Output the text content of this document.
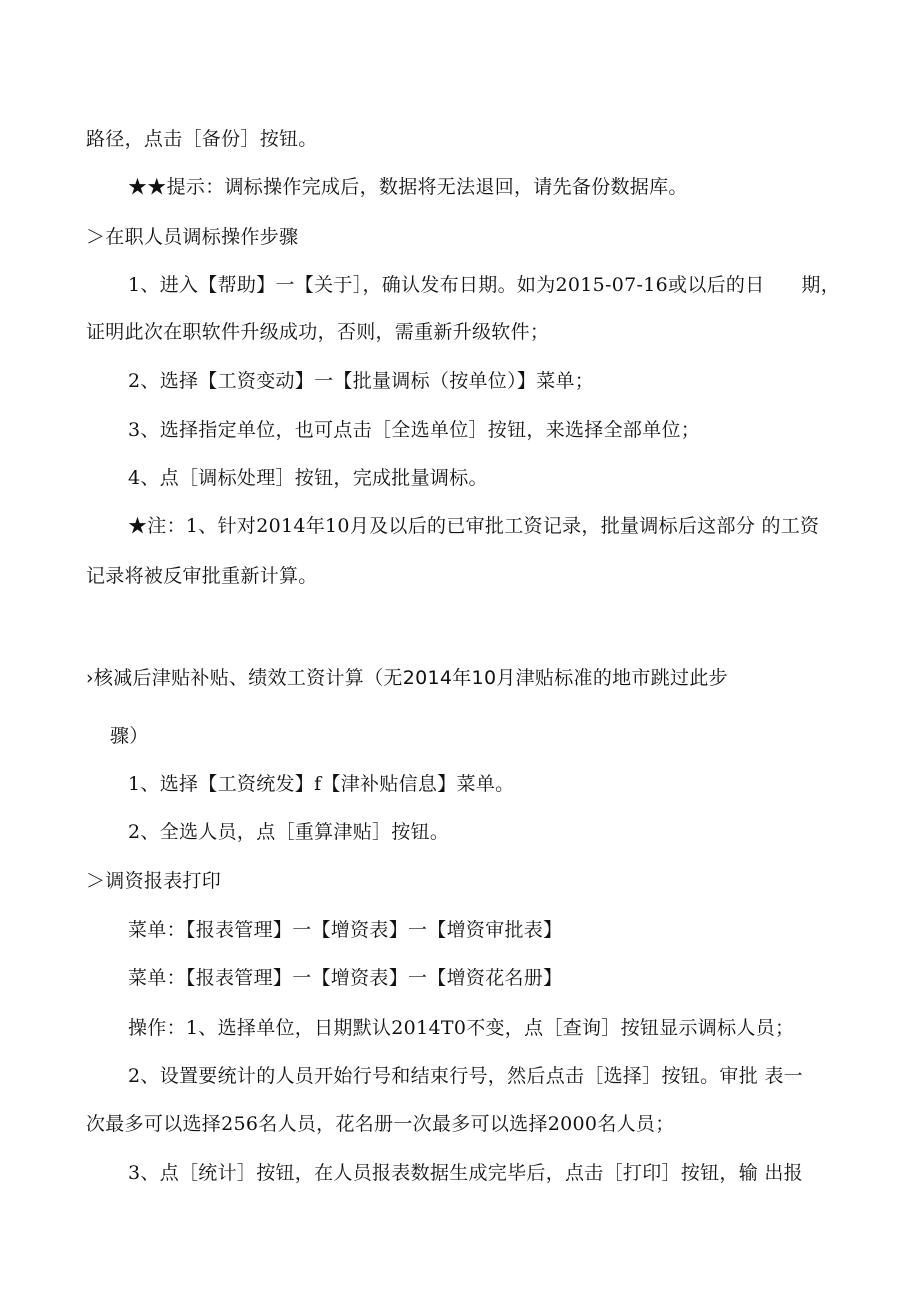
路径，点击［备份］按钮。
★★提示：调标操作完成后，数据将无法退回，请先备份数据库。
＞在职人员调标操作步骤
1、进入【帮助】一【关于］，确认发布日期。如为2015-07-16或以后的日 期，
证明此次在职软件升级成功，否则，需重新升级软件；
2、选择【工资变动】一【批量调标（按单位）】菜单；
3、选择指定单位，也可点击［全选单位］按钮，来选择全部单位；
4、点［调标处理］按钮，完成批量调标。
★注：1、针对2014年10月及以后的已审批工资记录，批量调标后这部分 的工资
记录将被反审批重新计算。
›核减后津贴补贴、绩效工资计算（无2014年10月津贴标准的地市跳过此步
骤）
1、选择【工资统发】f【津补贴信息】菜单。
2、全选人员，点［重算津贴］按钮。
＞调资报表打印
菜单：【报表管理】一【增资表】一【增资审批表】
菜单：【报表管理】一【增资表】一【增资花名册】
操作：1、选择单位，日期默认2014T0不变，点［查询］按钮显示调标人员；
2、设置要统计的人员开始行号和结束行号，然后点击［选择］按钮。审批 表一
次最多可以选择256名人员，花名册一次最多可以选择2000名人员；
3、点［统计］按钮，在人员报表数据生成完毕后，点击［打印］按钮，输 出报
